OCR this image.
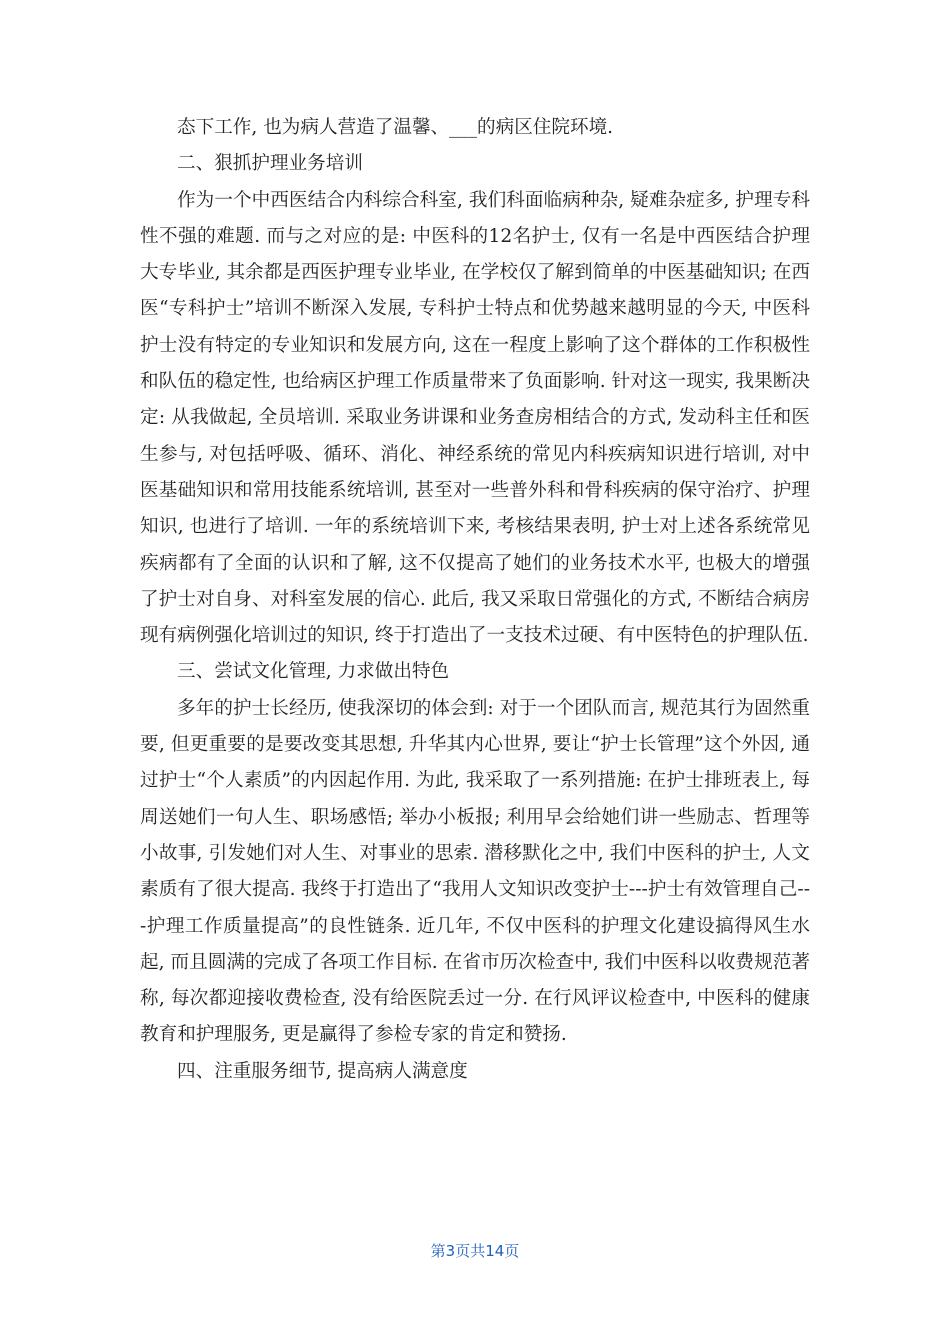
态下工作, 也为病人营造了温馨、___的病区住院环境.

二、狠抓护理业务培训

作为一个中西医结合内科综合科室, 我们科面临病种杂, 疑难杂症多, 护理专科性不强的难题. 而与之对应的是: 中医科的12名护士, 仅有一名是中西医结合护理大专毕业, 其余都是西医护理专业毕业, 在学校仅了解到简单的中医基础知识; 在西医“专科护士”培训不断深入发展, 专科护士特点和优势越来越明显的今天, 中医科护士没有特定的专业知识和发展方向, 这在一程度上影响了这个群体的工作积极性和队伍的稳定性, 也给病区护理工作质量带来了负面影响. 针对这一现实, 我果断决定: 从我做起, 全员培训. 采取业务讲课和业务查房相结合的方式, 发动科主任和医生参与, 对包括呼吸、循环、消化、神经系统的常见内科疾病知识进行培训, 对中医基础知识和常用技能系统培训, 甚至对一些普外科和骨科疾病的保守治疗、护理知识, 也进行了培训. 一年的系统培训下来, 考核结果表明, 护士对上述各系统常见疾病都有了全面的认识和了解, 这不仅提高了她们的业务技术水平, 也极大的增强了护士对自身、对科室发展的信心. 此后, 我又采取日常强化的方式, 不断结合病房现有病例强化培训过的知识, 终于打造出了一支技术过硬、有中医特色的护理队伍.

三、尝试文化管理, 力求做出特色

多年的护士长经历, 使我深切的体会到: 对于一个团队而言, 规范其行为固然重要, 但更重要的是要改变其思想, 升华其内心世界, 要让“护士长管理”这个外因, 通过护士“个人素质”的内因起作用. 为此, 我采取了一系列措施: 在护士排班表上, 每周送她们一句人生、职场感悟; 举办小板报; 利用早会给她们讲一些励志、哲理等小故事, 引发她们对人生、对事业的思索. 潜移默化之中, 我们中医科的护士, 人文素质有了很大提高. 我终于打造出了“我用人文知识改变护士---护士有效管理自己---护理工作质量提高”的良性链条. 近几年, 不仅中医科的护理文化建设搞得风生水起, 而且圆满的完成了各项工作目标. 在省市历次检查中, 我们中医科以收费规范著称, 每次都迎接收费检查, 没有给医院丢过一分. 在行风评议检查中, 中医科的健康教育和护理服务, 更是赢得了参检专家的肯定和赞扬.

四、注重服务细节, 提高病人满意度

第3页共14页
